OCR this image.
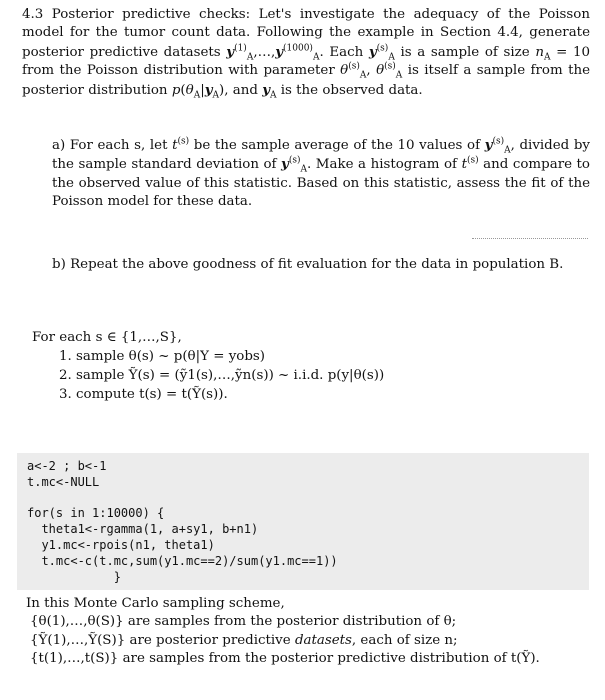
4.3 Posterior predictive checks: Let's investigate the adequacy of the Poisson model for the tumor count data. Following the example in Section 4.4, generate posterior predictive datasets $y^{(1)}_A,\dots,y^{(1000)}_A$. Each $y^{(s)}_A$ is a sample of size $n_A = 10$ from the Poisson distribution with parameter $\theta^{(s)}_A$, $\theta^{(s)}_A$ is itself a sample from the posterior distribution $p(\theta_A|y_A)$, and $y_A$ is the observed data.
a) For each s, let $t^{(s)}$ be the sample average of the 10 values of $y^{(s)}_A$, divided by the sample standard deviation of $y^{(s)}_A$. Make a histogram of $t^{(s)}$ and compare to the observed value of this statistic. Based on this statistic, assess the fit of the Poisson model for these data.
b) Repeat the above goodness of fit evaluation for the data in population B.
For each s ∈ {1,…,S},
1. sample θ(s) ~ p(θ|Y = yobs)
2. sample Ỹ(s) = (ỹ1(s),…,ỹn(s)) ~ i.i.d. p(y|θ(s))
3. compute t(s) = t(Ỹ(s)).
a<-2 ; b<-1
t.mc<-NULL

for(s in 1:10000) {
theta1<-rgamma(1, a+sy1, b+n1)
y1.mc<-rpois(n1, theta1)
t.mc<-c(t.mc,sum(y1.mc==2)/sum(y1.mc==1))
}
In this Monte Carlo sampling scheme,
{θ(1),…,θ(S)} are samples from the posterior distribution of θ;
{Ỹ(1),…,Ỹ(S)} are posterior predictive datasets, each of size n;
{t(1),…,t(S)} are samples from the posterior predictive distribution of t(Ỹ).
